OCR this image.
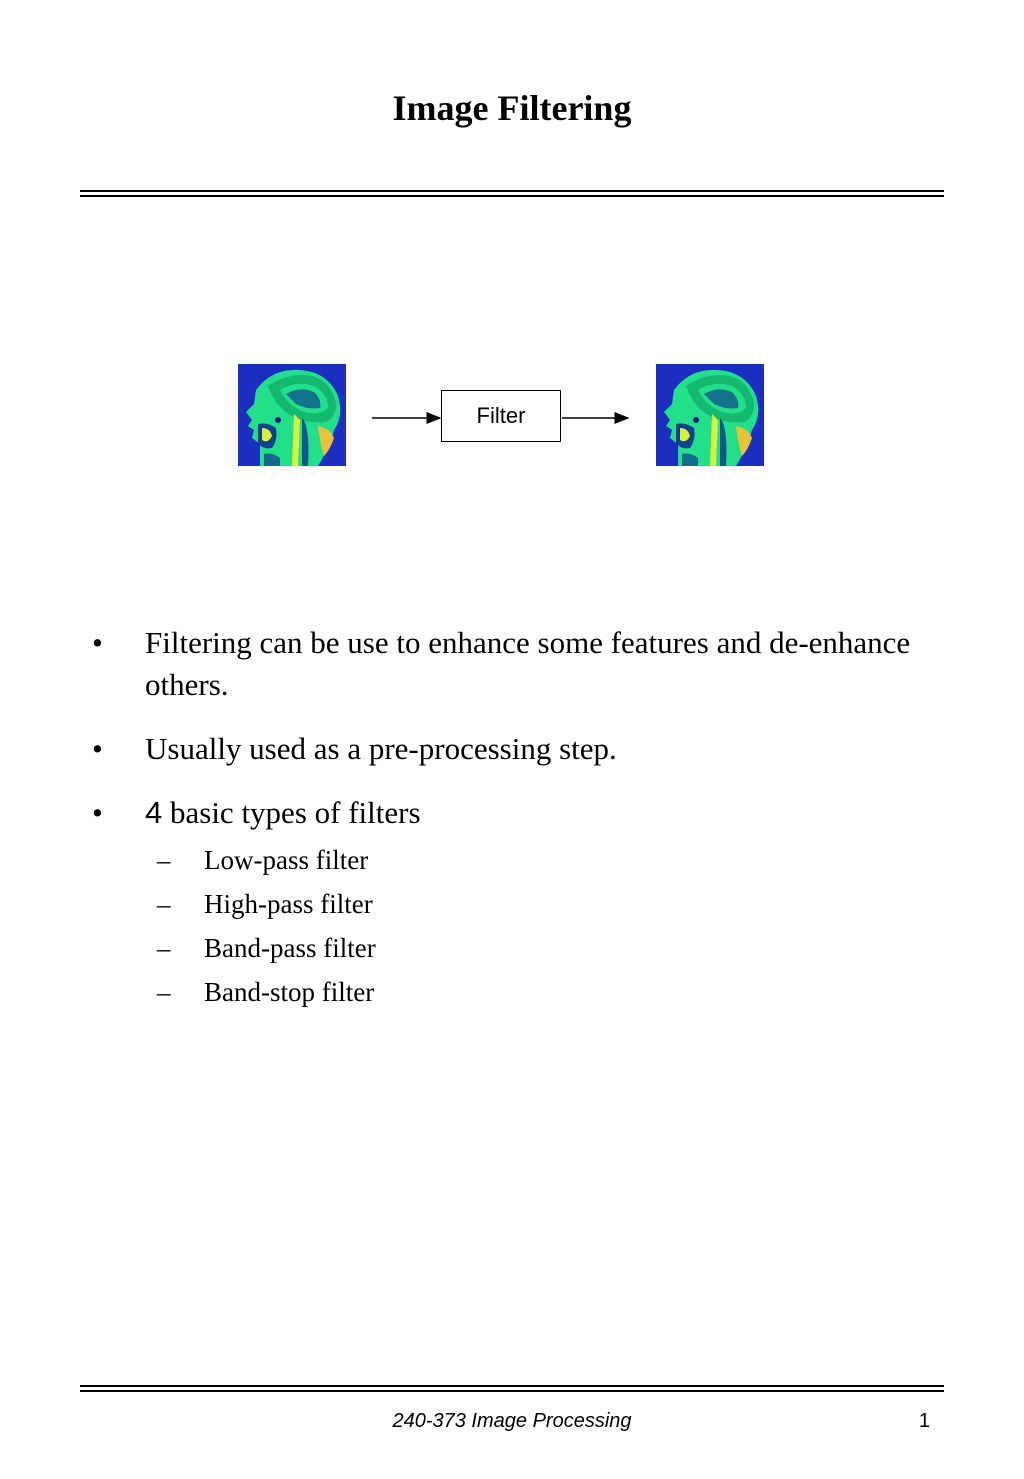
Image Filtering
Filter
• Filtering can be use to enhance some features and de-enhance others.
• Usually used as a pre-processing step.
• 4 basic types of filters
– Low-pass filter
– High-pass filter
– Band-pass filter
– Band-stop filter
240-373 Image Processing	1
